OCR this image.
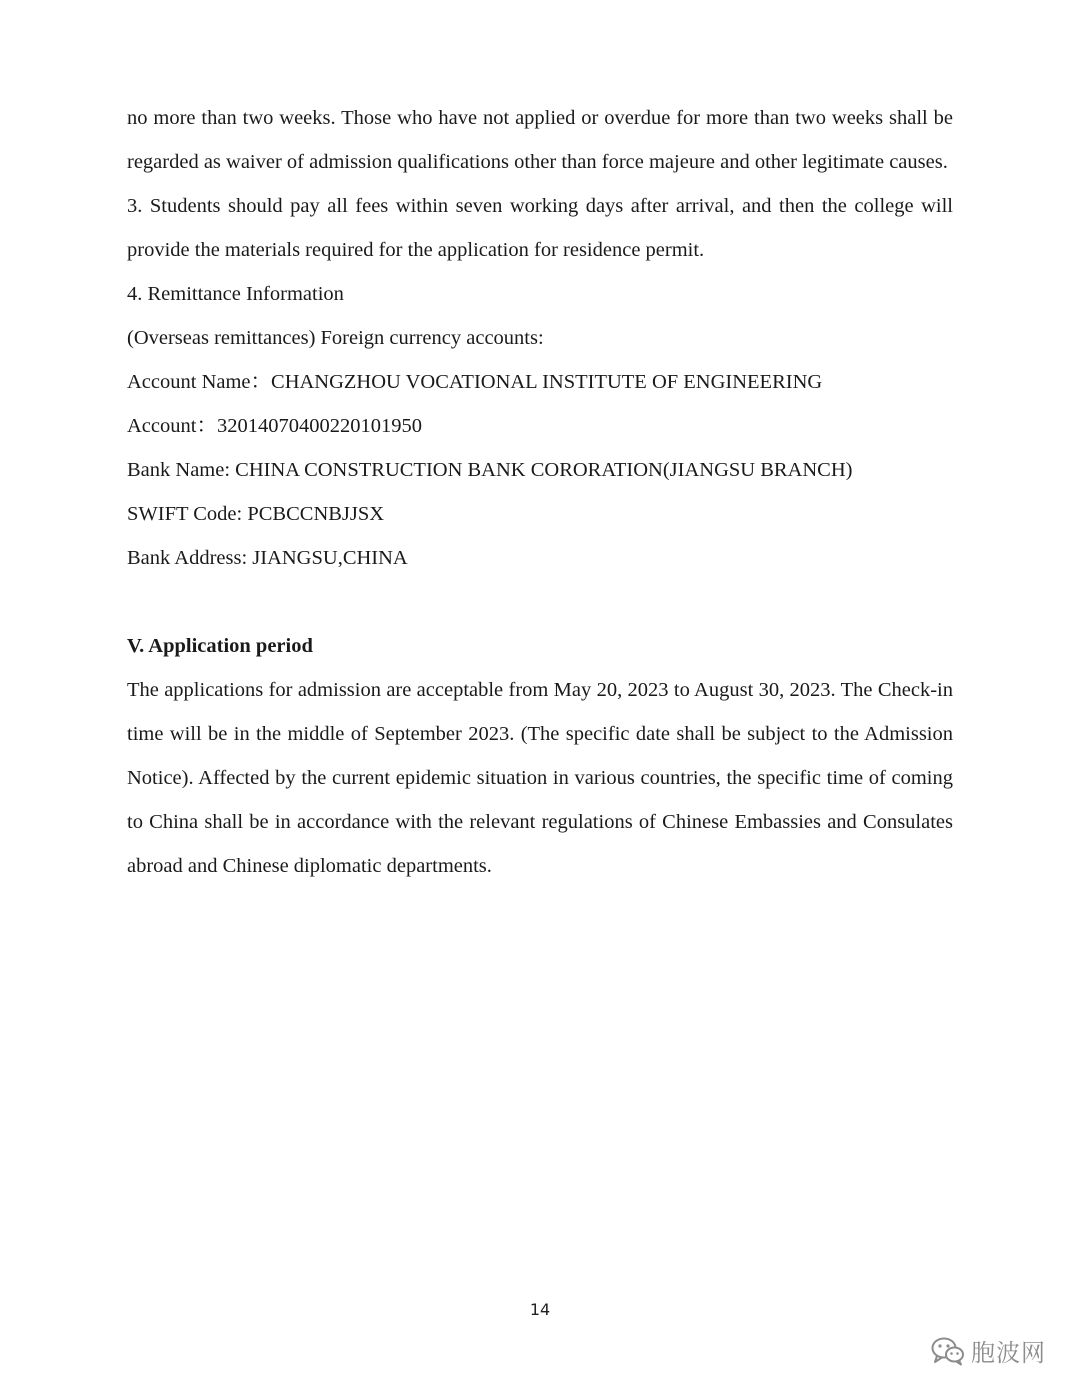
no more than two weeks. Those who have not applied or overdue for more than two weeks shall be regarded as waiver of admission qualifications other than force majeure and other legitimate causes.

3. Students should pay all fees within seven working days after arrival, and then the college will provide the materials required for the application for residence permit.

4. Remittance Information

(Overseas remittances) Foreign currency accounts:

Account Name：CHANGZHOU VOCATIONAL INSTITUTE OF ENGINEERING

Account：32014070400220101950

Bank Name: CHINA CONSTRUCTION BANK CORORATION(JIANGSU BRANCH)

SWIFT Code: PCBCCNBJJSX

Bank Address: JIANGSU,CHINA

V. Application period

The applications for admission are acceptable from May 20, 2023 to August 30, 2023. The Check-in time will be in the middle of September 2023. (The specific date shall be subject to the Admission Notice). Affected by the current epidemic situation in various countries, the specific time of coming to China shall be in accordance with the relevant regulations of Chinese Embassies and Consulates abroad and Chinese diplomatic departments.

14
胞波网
